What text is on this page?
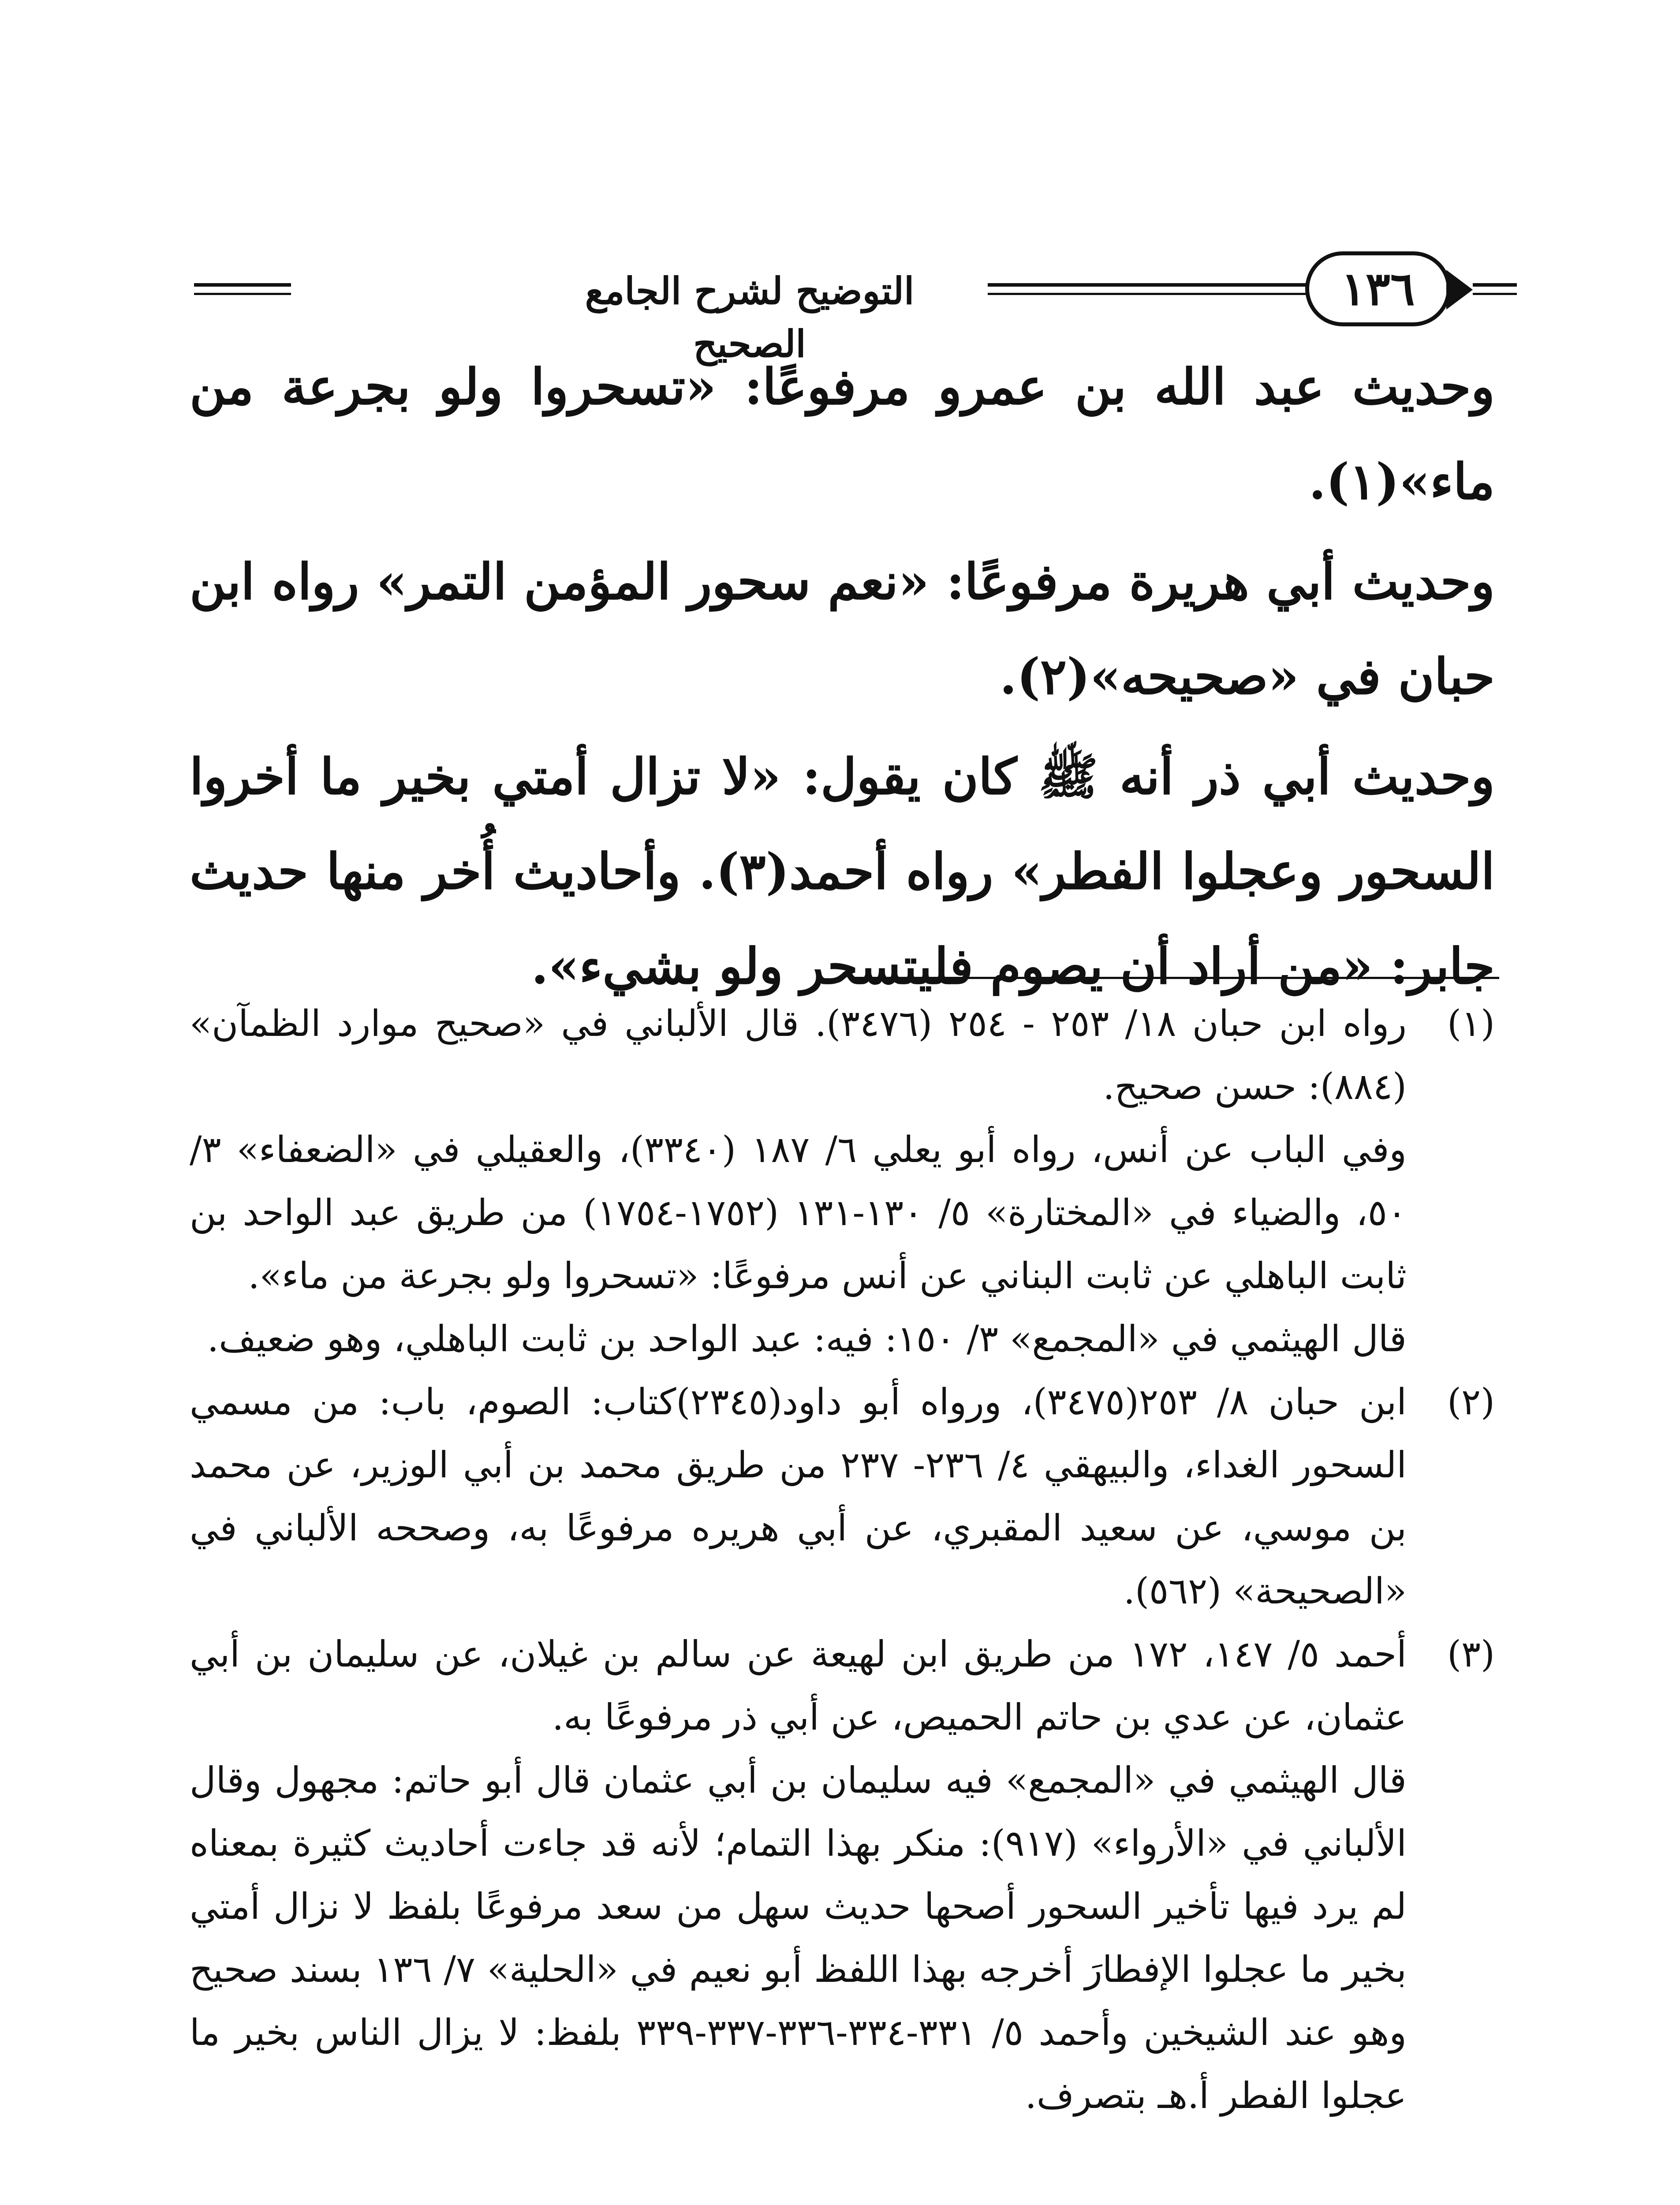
التوضيح لشرح الجامع الصحيح
١٣٦

وحديث عبد الله بن عمرو مرفوعًا: «تسحروا ولو بجرعة من ماء»(١).

وحديث أبي هريرة مرفوعًا: «نعم سحور المؤمن التمر» رواه ابن حبان في «صحيحه»(٢).

وحديث أبي ذر أنه ﷺ كان يقول: «لا تزال أمتي بخير ما أخروا السحور وعجلوا الفطر» رواه أحمد(٣). وأحاديث أُخر منها حديث جابر: «من أراد أن يصوم فليتسحر ولو بشيء».

(١)

رواه ابن حبان ١٨/ ٢٥٣ - ٢٥٤ (٣٤٧٦). قال الألباني في «صحيح موارد الظمآن» (٨٨٤): حسن صحيح.

وفي الباب عن أنس، رواه أبو يعلي ٦/ ١٨٧ (٣٣٤٠)، والعقيلي في «الضعفاء» ٣/ ٥٠، والضياء في «المختارة» ٥/ ١٣٠-١٣١ (١٧٥٢-١٧٥٤) من طريق عبد الواحد بن ثابت الباهلي عن ثابت البناني عن أنس مرفوعًا: «تسحروا ولو بجرعة من ماء».

قال الهيثمي في «المجمع» ٣/ ١٥٠: فيه: عبد الواحد بن ثابت الباهلي، وهو ضعيف.

(٢)

ابن حبان ٨/ ٢٥٣(٣٤٧٥)، ورواه أبو داود(٢٣٤٥)كتاب: الصوم، باب: من مسمي السحور الغداء، والبيهقي ٤/ ٢٣٦- ٢٣٧ من طريق محمد بن أبي الوزير، عن محمد بن موسي، عن سعيد المقبري، عن أبي هريره مرفوعًا به، وصححه الألباني في «الصحيحة» (٥٦٢).

(٣)

أحمد ٥/ ١٤٧، ١٧٢ من طريق ابن لهيعة عن سالم بن غيلان، عن سليمان بن أبي عثمان، عن عدي بن حاتم الحميص، عن أبي ذر مرفوعًا به.

قال الهيثمي في «المجمع» فيه سليمان بن أبي عثمان قال أبو حاتم: مجهول وقال الألباني في «الأرواء» (٩١٧): منكر بهذا التمام؛ لأنه قد جاءت أحاديث كثيرة بمعناه لم يرد فيها تأخير السحور أصحها حديث سهل من سعد مرفوعًا بلفظ لا نزال أمتي بخير ما عجلوا الإفطارَ أخرجه بهذا اللفظ أبو نعيم في «الحلية» ٧/ ١٣٦ بسند صحيح وهو عند الشيخين وأحمد ٥/ ٣٣١-٣٣٤-٣٣٦-٣٣٧-٣٣٩ بلفظ: لا يزال الناس بخير ما عجلوا الفطر أ.هـ بتصرف.
